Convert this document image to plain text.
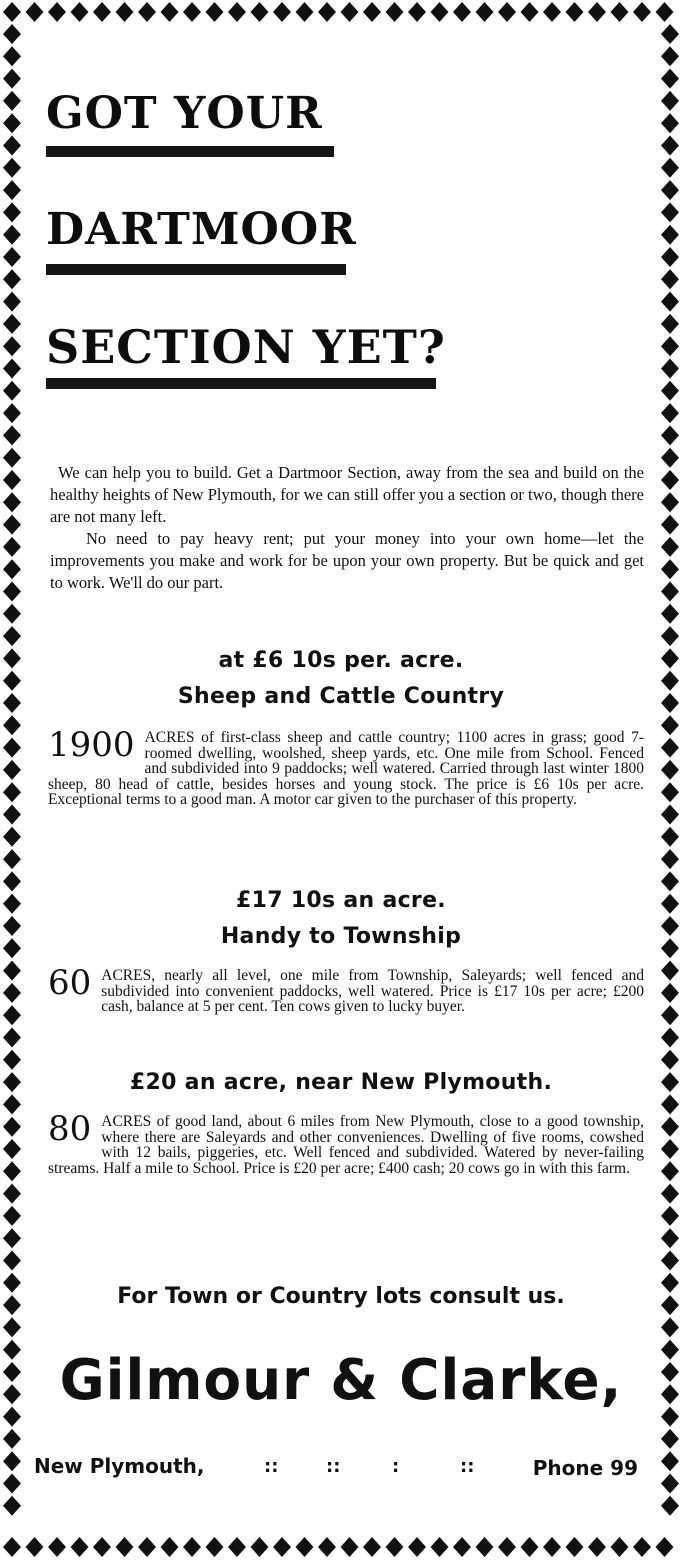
GOT YOUR
DARTMOOR
SECTION YET?

We can help you to build. Get a Dartmoor Section, away from the sea and build on the healthy heights of New Plymouth, for we can still offer you a section or two, though there are not many left.

No need to pay heavy rent; put your money into your own home—let the improvements you make and work for be upon your own property. But be quick and get to work. We'll do our part.

at £6 10s per. acre.
Sheep and Cattle Country
1900 ACRES of first-class sheep and cattle country; 1100 acres in grass; good 7-roomed dwelling, woolshed, sheep yards, etc. One mile from School. Fenced and subdivided into 9 paddocks; well watered. Carried through last winter 1800 sheep, 80 head of cattle, besides horses and young stock. The price is £6 10s per acre. Exceptional terms to a good man. A motor car given to the purchaser of this property.
£17 10s an acre.
Handy to Township
60 ACRES, nearly all level, one mile from Township, Saleyards; well fenced and subdivided into convenient paddocks, well watered. Price is £17 10s per acre; £200 cash, balance at 5 per cent. Ten cows given to lucky buyer.
£20 an acre, near New Plymouth.
80 ACRES of good land, about 6 miles from New Plymouth, close to a good township, where there are Saleyards and other conveniences. Dwelling of five rooms, cowshed with 12 bails, piggeries, etc. Well fenced and subdivided. Watered by never-failing streams. Half a mile to School. Price is £20 per acre; £400 cash; 20 cows go in with this farm.
For Town or Country lots consult us.
Gilmour & Clarke,
New Plymouth,	::	::	:	::	Phone 99
